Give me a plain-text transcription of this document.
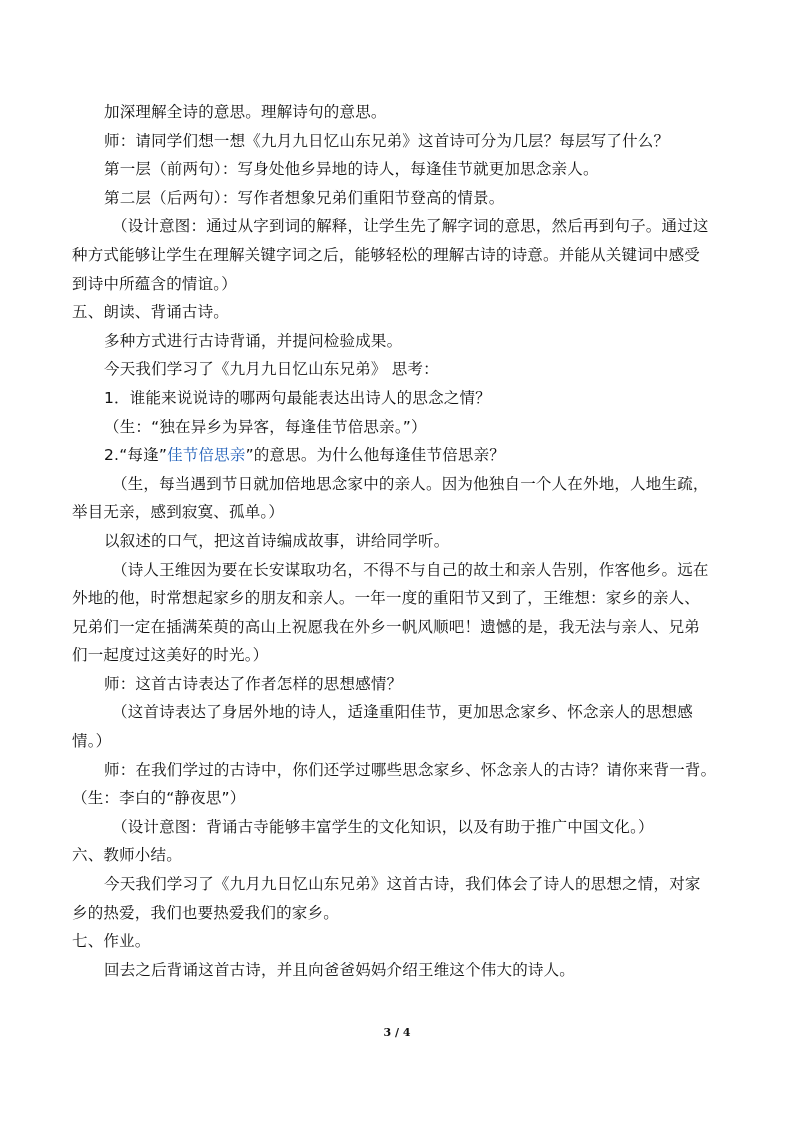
加深理解全诗的意思。理解诗句的意思。
师：请同学们想一想《九月九日忆山东兄弟》这首诗可分为几层？每层写了什么？
第一层（前两句）：写身处他乡异地的诗人，每逢佳节就更加思念亲人。
第二层（后两句）：写作者想象兄弟们重阳节登高的情景。
（设计意图：通过从字到词的解释，让学生先了解字词的意思，然后再到句子。通过这
种方式能够让学生在理解关键字词之后，能够轻松的理解古诗的诗意。并能从关键词中感受
到诗中所蕴含的情谊。）
五、朗读、背诵古诗。
多种方式进行古诗背诵，并提问检验成果。
今天我们学习了《九月九日忆山东兄弟》 思考：
1．谁能来说说诗的哪两句最能表达出诗人的思念之情？
（生：“独在异乡为异客，每逢佳节倍思亲。”）
2.“每逢”佳节倍思亲”的意思。为什么他每逢佳节倍思亲？
（生，每当遇到节日就加倍地思念家中的亲人。因为他独自一个人在外地，人地生疏，
举目无亲，感到寂寞、孤单。）
以叙述的口气，把这首诗编成故事，讲给同学听。
（诗人王维因为要在长安谋取功名，不得不与自己的故土和亲人告别，作客他乡。远在
外地的他，时常想起家乡的朋友和亲人。一年一度的重阳节又到了，王维想：家乡的亲人、
兄弟们一定在插满茱萸的高山上祝愿我在外乡一帆风顺吧！遗憾的是，我无法与亲人、兄弟
们一起度过这美好的时光。）
师：这首古诗表达了作者怎样的思想感情？
（这首诗表达了身居外地的诗人，适逢重阳佳节，更加思念家乡、怀念亲人的思想感
情。）
师：在我们学过的古诗中，你们还学过哪些思念家乡、怀念亲人的古诗？请你来背一背。
（生：李白的“静夜思”）
（设计意图：背诵古寺能够丰富学生的文化知识，以及有助于推广中国文化。）
六、教师小结。
今天我们学习了《九月九日忆山东兄弟》这首古诗，我们体会了诗人的思想之情，对家
乡的热爱，我们也要热爱我们的家乡。
七、作业。
回去之后背诵这首古诗，并且向爸爸妈妈介绍王维这个伟大的诗人。
3 / 4
